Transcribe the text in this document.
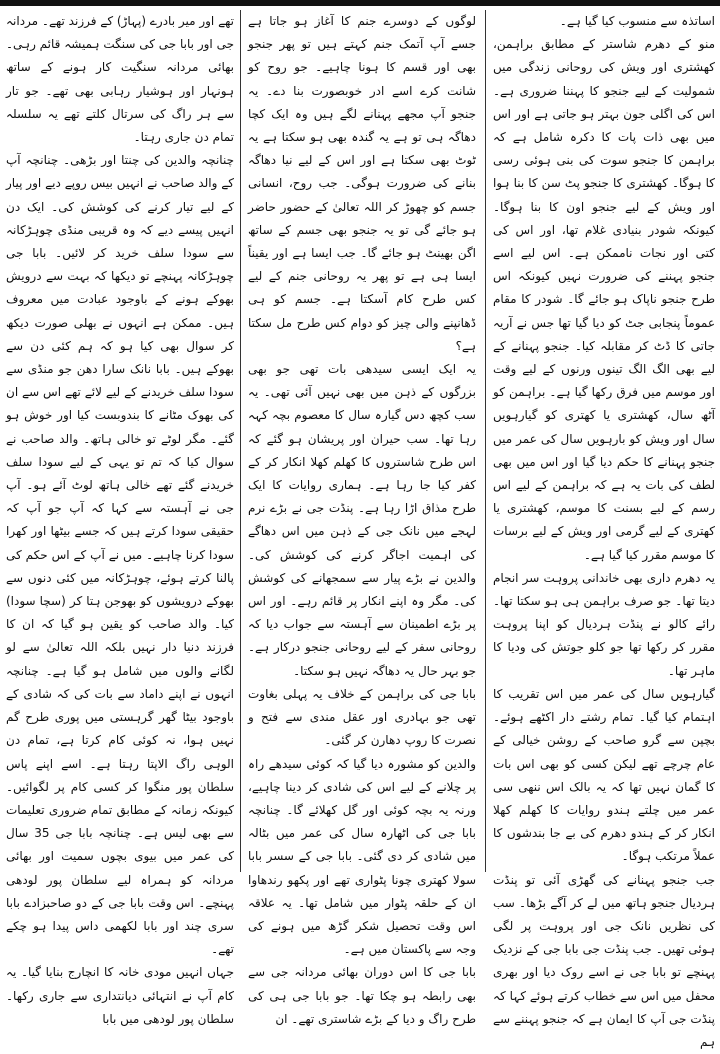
اساتذہ سے منسوب کیا گیا ہے۔

منو کے دھرم شاستر کے مطابق براہمن، کھشتری اور ویش کی روحانی زندگی میں شمولیت کے لیے جنجو کا پہننا ضروری ہے۔ اس کی اگلی جون بہتر ہو جاتی ہے اور اس میں بھی ذات پات کا دکرہ شامل ہے کہ براہمن کا جنجو سوت کی بنی ہوئی رسی کا ہوگا۔ کھشتری کا جنجو پٹ سن کا بنا ہوا اور ویش کے لیے جنجو اون کا بنا ہوگا۔ کیونکہ شودر بنیادی غلام تھا، اور اس کی کتی اور نجات ناممکن ہے۔ اس لیے اسے جنجو پہننے کی ضرورت نہیں کیونکہ اس طرح جنجو ناپاک ہو جائے گا۔ شودر کا مقام عموماً پنجابی جٹ کو دیا گیا تھا جس نے آریہ جاتی کا ڈٹ کر مقابلہ کیا۔ جنجو پہنانے کے لیے بھی الگ الگ تینوں ورنوں کے لیے وقت اور موسم میں فرق رکھا گیا ہے۔ براہمن کو آٹھ سال، کھشتری یا کھتری کو گیارہویں سال اور ویش کو بارہویں سال کی عمر میں جنجو پہنانے کا حکم دیا گیا اور اس میں بھی لطف کی بات یہ ہے کہ براہمن کے لیے اس رسم کے لیے بسنت کا موسم، کھشتری یا کھتری کے لیے گرمی اور ویش کے لیے برسات کا موسم مقرر کیا گیا ہے۔

یہ دھرم داری بھی خاندانی پروہت سر انجام دیتا تھا۔ جو صرف براہمن ہی ہو سکتا تھا۔ رائے کالو نے پنڈت ہردیال کو اپنا پروہت مقرر کر رکھا تھا جو کلو جوتش کی ودیا کا ماہر تھا۔

گیارہویں سال کی عمر میں اس تقریب کا اہتمام کیا گیا۔ تمام رشتے دار اکٹھے ہوئے۔ بچپن سے گرو صاحب کے روشن خیالی کے عام چرچے تھے لیکن کسی کو بھی اس بات کا گمان نہیں تھا کہ یہ بالک اس ننھی سی عمر میں چلتے ہندو روایات کا کھلم کھلا انکار کر کے ہندو دھرم کی بے جا بندشوں کا عملاً مرتکب ہوگا۔

جب جنجو پہنانے کی گھڑی آئی تو پنڈت ہردیال جنجو ہاتھ میں لے کر آگے بڑھا۔ سب کی نظریں نانک جی اور پروہت پر لگی ہوئی تھیں۔ جب پنڈت جی بابا جی کے نزدیک پہنچے تو بابا جی نے اسے روک دیا اور بھری محفل میں اس سے خطاب کرتے ہوئے کہا کہ پنڈت جی آپ کا ایمان ہے کہ جنجو پہننے سے ہم

لوگوں کے دوسرے جنم کا آغاز ہو جاتا ہے جسے آپ آتمک جنم کہتے ہیں تو پھر جنجو بھی اور قسم کا ہونا چاہیے۔ جو روح کو شانت کرے اسے ادر خوبصورت بنا دے۔ یہ جنجو آپ مجھے پہنانے لگے ہیں وہ ایک کچا دھاگہ ہی تو ہے یہ گندہ بھی ہو سکتا ہے یہ ٹوٹ بھی سکتا ہے اور اس کے لیے نیا دھاگہ بنانے کی ضرورت ہوگی۔ جب روح، انسانی جسم کو چھوڑ کر اللہ تعالیٰ کے حضور حاضر ہو جائے گی تو یہ جنجو بھی جسم کے ساتھ اگن بھینٹ ہو جائے گا۔ جب ایسا ہے اور یقیناً ایسا ہی ہے تو پھر یہ روحانی جنم کے لیے کس طرح کام آسکتا ہے۔ جسم کو ہی ڈھانپنے والی چیز کو دوام کس طرح مل سکتا ہے؟

یہ ایک ایسی سیدھی بات تھی جو بھی بزرگوں کے ذہن میں بھی نہیں آئی تھی۔ یہ سب کچھ دس گیارہ سال کا معصوم بچہ کہہ رہا تھا۔ سب حیران اور پریشان ہو گئے کہ اس طرح شاستروں کا کھلم کھلا انکار کر کے کفر کیا جا رہا ہے۔ ہماری روایات کا ایک طرح مذاق اڑا رہا ہے۔ پنڈت جی نے بڑے نرم لہجے میں نانک جی کے ذہن میں اس دھاگے کی اہمیت اجاگر کرنے کی کوشش کی۔ والدین نے بڑے پیار سے سمجھانے کی کوشش کی۔ مگر وہ اپنے انکار پر قائم رہے۔ اور اس پر بڑے اطمینان سے آہستہ سے جواب دیا کہ روحانی سفر کے لیے روحانی جنجو درکار ہے۔ جو بہر حال یہ دھاگہ نہیں ہو سکتا۔

بابا جی کی براہمن کے خلاف یہ پہلی بغاوت تھی جو بہادری اور عقل مندی سے فتح و نصرت کا روپ دھارن کر گئی۔

والدین کو مشورہ دیا گیا کہ کوئی سیدھے راہ پر چلانے کے لیے اس کی شادی کر دینا چاہیے، ورنہ یہ بچہ کوئی اور گل کھلائے گا۔ چنانچہ بابا جی کی اٹھارہ سال کی عمر میں بٹالہ میں شادی کر دی گئی۔ بابا جی کے سسر بابا سولا کھتری چونا پٹواری تھے اور پکھو رندھاوا ان کے حلقہ پٹوار میں شامل تھا۔ یہ علاقہ اس وقت تحصیل شکر گڑھ میں ہونے کی وجہ سے پاکستان میں ہے۔

بابا جی کا اس دوران بھائی مردانہ جی سے بھی رابطہ ہو چکا تھا۔ جو بابا جی ہی کی طرح راگ و دیا کے بڑے شاستری تھے۔ ان

تھے اور میر بادرے (پہاڑ) کے فرزند تھے۔ مردانہ جی اور بابا جی کی سنگت ہمیشہ قائم رہی۔ بھائی مردانہ سنگیت کار ہونے کے ساتھ ہونہار اور ہوشیار رہابی بھی تھے۔ جو تار سے ہر راگ کی سرتال کلتے تھے یہ سلسلہ تمام دن جاری رہتا۔

چنانچہ والدین کی چنتا اور بڑھی۔ چنانچہ آپ کے والد صاحب نے انہیں بیس روپے دیے اور پیار کے لیے تیار کرنے کی کوشش کی۔ ایک دن انہیں پیسے دیے کہ وہ قریبی منڈی چوہڑکانہ سے سودا سلف خرید کر لائیں۔ بابا جی چوہڑکانہ پہنچے تو دیکھا کہ بہت سے درویش بھوکے ہونے کے باوجود عبادت میں معروف ہیں۔ ممکن ہے انہوں نے بھلی صورت دیکھ کر سوال بھی کیا ہو کہ ہم کئی دن سے بھوکے ہیں۔ بابا نانک سارا دھن جو منڈی سے سودا سلف خریدنے کے لیے لائے تھے اس سے ان کی بھوک مٹانے کا بندوبست کیا اور خوش ہو گئے۔ مگر لوٹے تو خالی ہاتھ۔ والد صاحب نے سوال کیا کہ تم تو یہی کے لیے سودا سلف خریدنے گئے تھے خالی ہاتھ لوٹ آئے ہو۔ آپ جی نے آہستہ سے کہا کہ آپ جو آپ کہ حقیقی سودا کرتے ہیں کہ جسے بیٹھا اور کھرا سودا کرنا چاہیے۔ میں نے آپ کے اس حکم کی پالنا کرتے ہوئے، چوہڑکانہ میں کئی دنوں سے بھوکے درویشوں کو بھوجن ہتا کر (سچا سودا) کیا۔ والد صاحب کو یقین ہو گیا کہ ان کا فرزند دنیا دار نہیں بلکہ اللہ تعالیٰ سے لو لگانے والوں میں شامل ہو گیا ہے۔ چنانچہ انہوں نے اپنے داماد سے بات کی کہ شادی کے باوجود بیٹا گھر گرہستی میں پوری طرح گم نہیں ہوا، نہ کوئی کام کرتا ہے، تمام دن الوہی راگ الاپتا رہتا ہے۔ اسے اپنے پاس سلطان پور منگوا کر کسی کام پر لگوائیں۔ کیونکہ زمانہ کے مطابق تمام ضروری تعلیمات سے بھی لیس ہے۔ چنانچہ بابا جی 35 سال کی عمر میں بیوی بچوں سمیت اور بھائی مردانہ کو ہمراہ لیے سلطان پور لودھی پہنچے۔ اس وقت بابا جی کے دو صاحبزادے بابا سری چند اور بابا لکھمی داس پیدا ہو چکے تھے۔

جہاں انہیں مودی خانہ کا انچارج بنایا گیا۔ یہ کام آپ نے انتہائی دیانتداری سے جاری رکھا۔ سلطان پور لودھی میں بابا
